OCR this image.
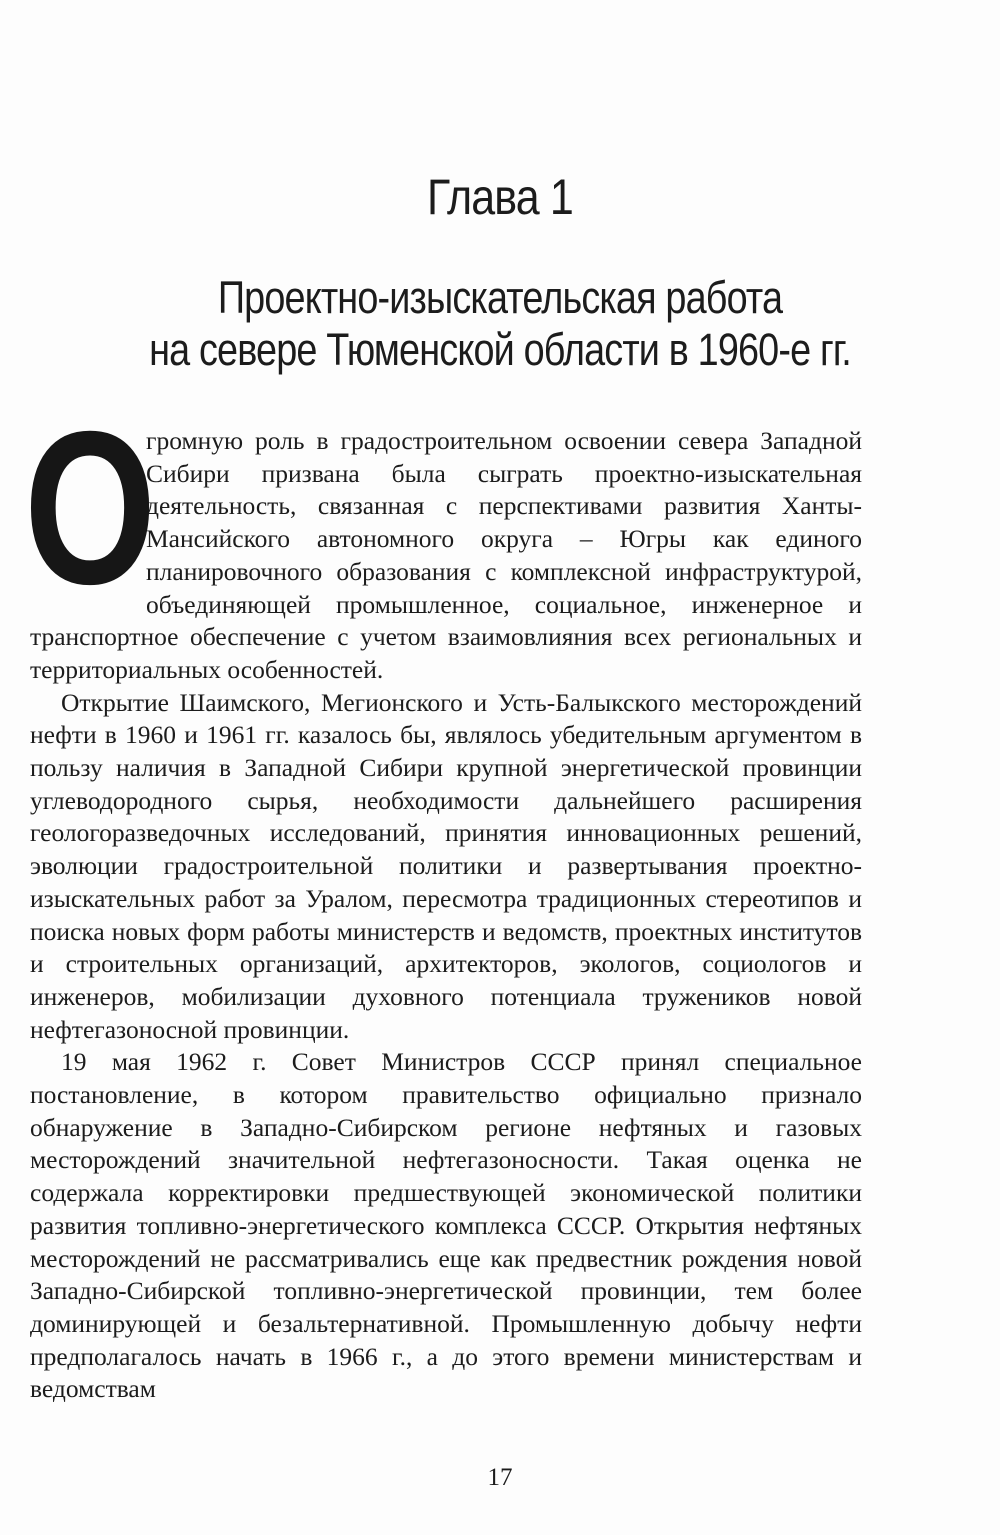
Глава 1
Проектно-изыскательская работа
на севере Тюменской области в 1960-е гг.
О

громную роль в градостроительном освоении севера Западной Сибири призвана была сыграть проектно-изыскательная деятельность, связанная с перспективами развития Ханты-Мансийского автономного округа – Югры как единого планировочного образования с комплексной инфраструктурой, объединяющей промышленное, социальное, инженерное и транспортное обеспечение с учетом взаимовлияния всех региональных и территориальных особенностей.

Открытие Шаимского, Мегионского и Усть-Балыкского месторождений нефти в 1960 и 1961 гг. казалось бы, являлось убедительным аргументом в пользу наличия в Западной Сибири крупной энергетической провинции углеводородного сырья, необходимости дальнейшего расширения геологоразведочных исследований, принятия инновационных решений, эволюции градостроительной политики и развертывания проектно-изыскательных работ за Уралом, пересмотра традиционных стереотипов и поиска новых форм работы министерств и ведомств, проектных институтов и строительных организаций, архитекторов, экологов, социологов и инженеров, мобилизации духовного потенциала тружеников новой нефтегазоносной провинции.

19 мая 1962 г. Совет Министров СССР принял специальное постановление, в котором правительство официально признало обнаружение в Западно-Сибирском регионе нефтяных и газовых месторождений значительной нефтегазоносности. Такая оценка не содержала корректировки предшествующей экономической политики развития топливно-энергетического комплекса СССР. Открытия нефтяных месторождений не рассматривались еще как предвестник рождения новой Западно-Сибирской топливно-энергетической провинции, тем более доминирующей и безальтернативной. Промышленную добычу нефти предполагалось начать в 1966 г., а до этого времени министерствам и ведомствам

17
